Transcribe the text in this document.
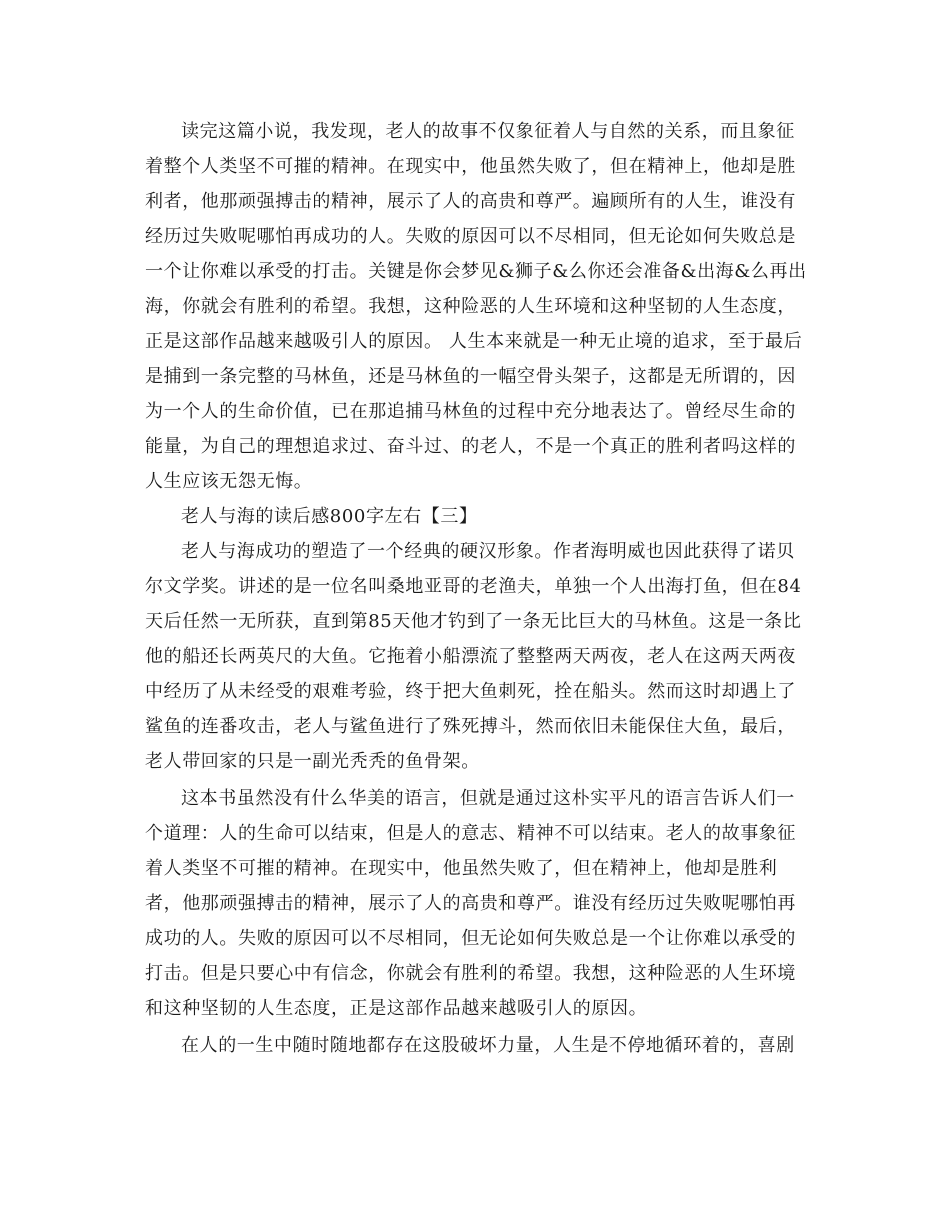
读完这篇小说，我发现，老人的故事不仅象征着人与自然的关系，而且象征
着整个人类坚不可摧的精神。在现实中，他虽然失败了，但在精神上，他却是胜
利者，他那顽强搏击的精神，展示了人的高贵和尊严。遍顾所有的人生，谁没有
经历过失败呢哪怕再成功的人。失败的原因可以不尽相同，但无论如何失败总是
一个让你难以承受的打击。关键是你会梦见&狮子&么你还会准备&出海&么再出
海，你就会有胜利的希望。我想，这种险恶的人生环境和这种坚韧的人生态度，
正是这部作品越来越吸引人的原因。 人生本来就是一种无止境的追求，至于最后
是捕到一条完整的马林鱼，还是马林鱼的一幅空骨头架子，这都是无所谓的，因
为一个人的生命价值，已在那追捕马林鱼的过程中充分地表达了。曾经尽生命的
能量，为自己的理想追求过、奋斗过、的老人，不是一个真正的胜利者吗这样的
人生应该无怨无悔。
老人与海的读后感800字左右【三】
老人与海成功的塑造了一个经典的硬汉形象。作者海明威也因此获得了诺贝
尔文学奖。讲述的是一位名叫桑地亚哥的老渔夫，单独一个人出海打鱼，但在84
天后任然一无所获，直到第85天他才钓到了一条无比巨大的马林鱼。这是一条比
他的船还长两英尺的大鱼。它拖着小船漂流了整整两天两夜，老人在这两天两夜
中经历了从未经受的艰难考验，终于把大鱼刺死，拴在船头。然而这时却遇上了
鲨鱼的连番攻击，老人与鲨鱼进行了殊死搏斗，然而依旧未能保住大鱼，最后，
老人带回家的只是一副光秃秃的鱼骨架。
这本书虽然没有什么华美的语言，但就是通过这朴实平凡的语言告诉人们一
个道理：人的生命可以结束，但是人的意志、精神不可以结束。老人的故事象征
着人类坚不可摧的精神。在现实中，他虽然失败了，但在精神上，他却是胜利
者，他那顽强搏击的精神，展示了人的高贵和尊严。谁没有经历过失败呢哪怕再
成功的人。失败的原因可以不尽相同，但无论如何失败总是一个让你难以承受的
打击。但是只要心中有信念，你就会有胜利的希望。我想，这种险恶的人生环境
和这种坚韧的人生态度，正是这部作品越来越吸引人的原因。
在人的一生中随时随地都存在这股破坏力量，人生是不停地循环着的，喜剧
